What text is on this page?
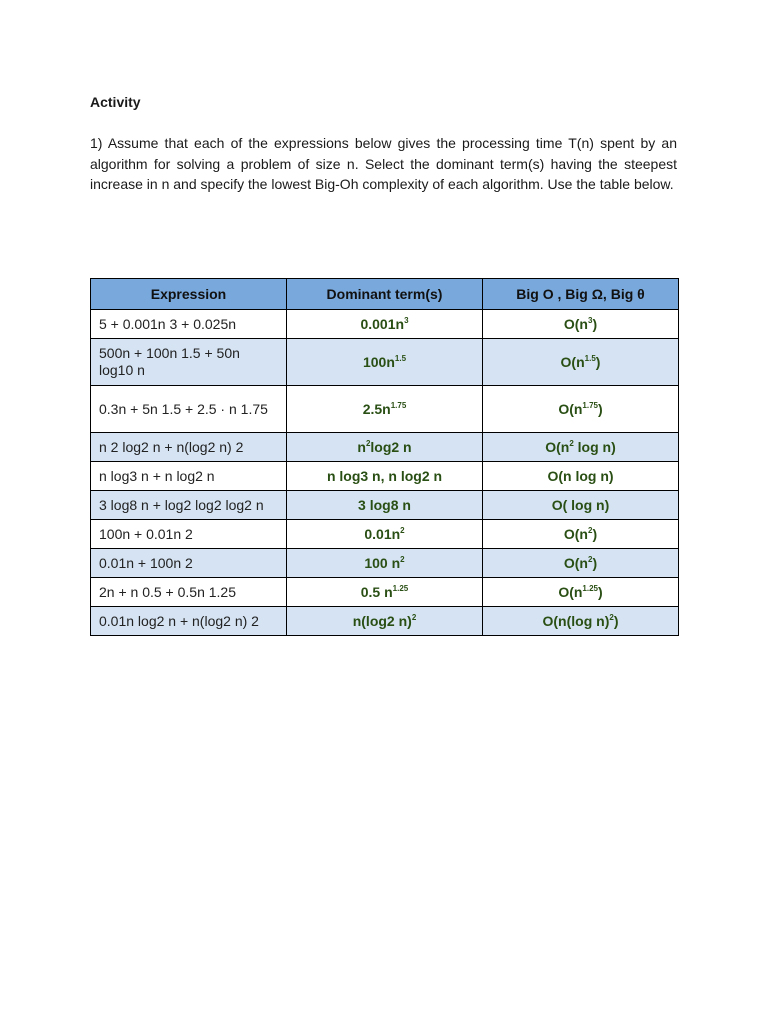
Activity
1) Assume that each of the expressions below gives the processing time T(n) spent by an algorithm for solving a problem of size n. Select the dominant term(s) having the steepest increase in n and specify the lowest Big-Oh complexity of each algorithm. Use the table below.
Expression	Dominant term(s)	Big O , Big Ω, Big θ
5 + 0.001n 3 + 0.025n	$0.001n^3$	$O(n^3)$
500n + 100n 1.5 + 50n log10 n	$100n^{1.5}$	$O(n^{1.5})$
0.3n + 5n 1.5 + 2.5 · n 1.75	$2.5n^{1.75}$	$O(n^{1.75})$
n 2 log2 n + n(log2 n) 2	$n^2\log 2$ n	$O(n^2$ log n)
n log3 n + n log2 n	n log3 n, n log2 n	O(n log n)
3 log8 n + log2 log2 log2 n	3 log8 n	O( log n)
100n + 0.01n 2	$0.01n^2$	$O(n^2)$
0.01n + 100n 2	100 $n^2$	$O(n^2)$
2n + n 0.5 + 0.5n 1.25	0.5 $n^{1.25}$	$O(n^{1.25})$
0.01n log2 n + n(log2 n) 2	n(log2 n)$^2$	O(n(log n)$^2$)
